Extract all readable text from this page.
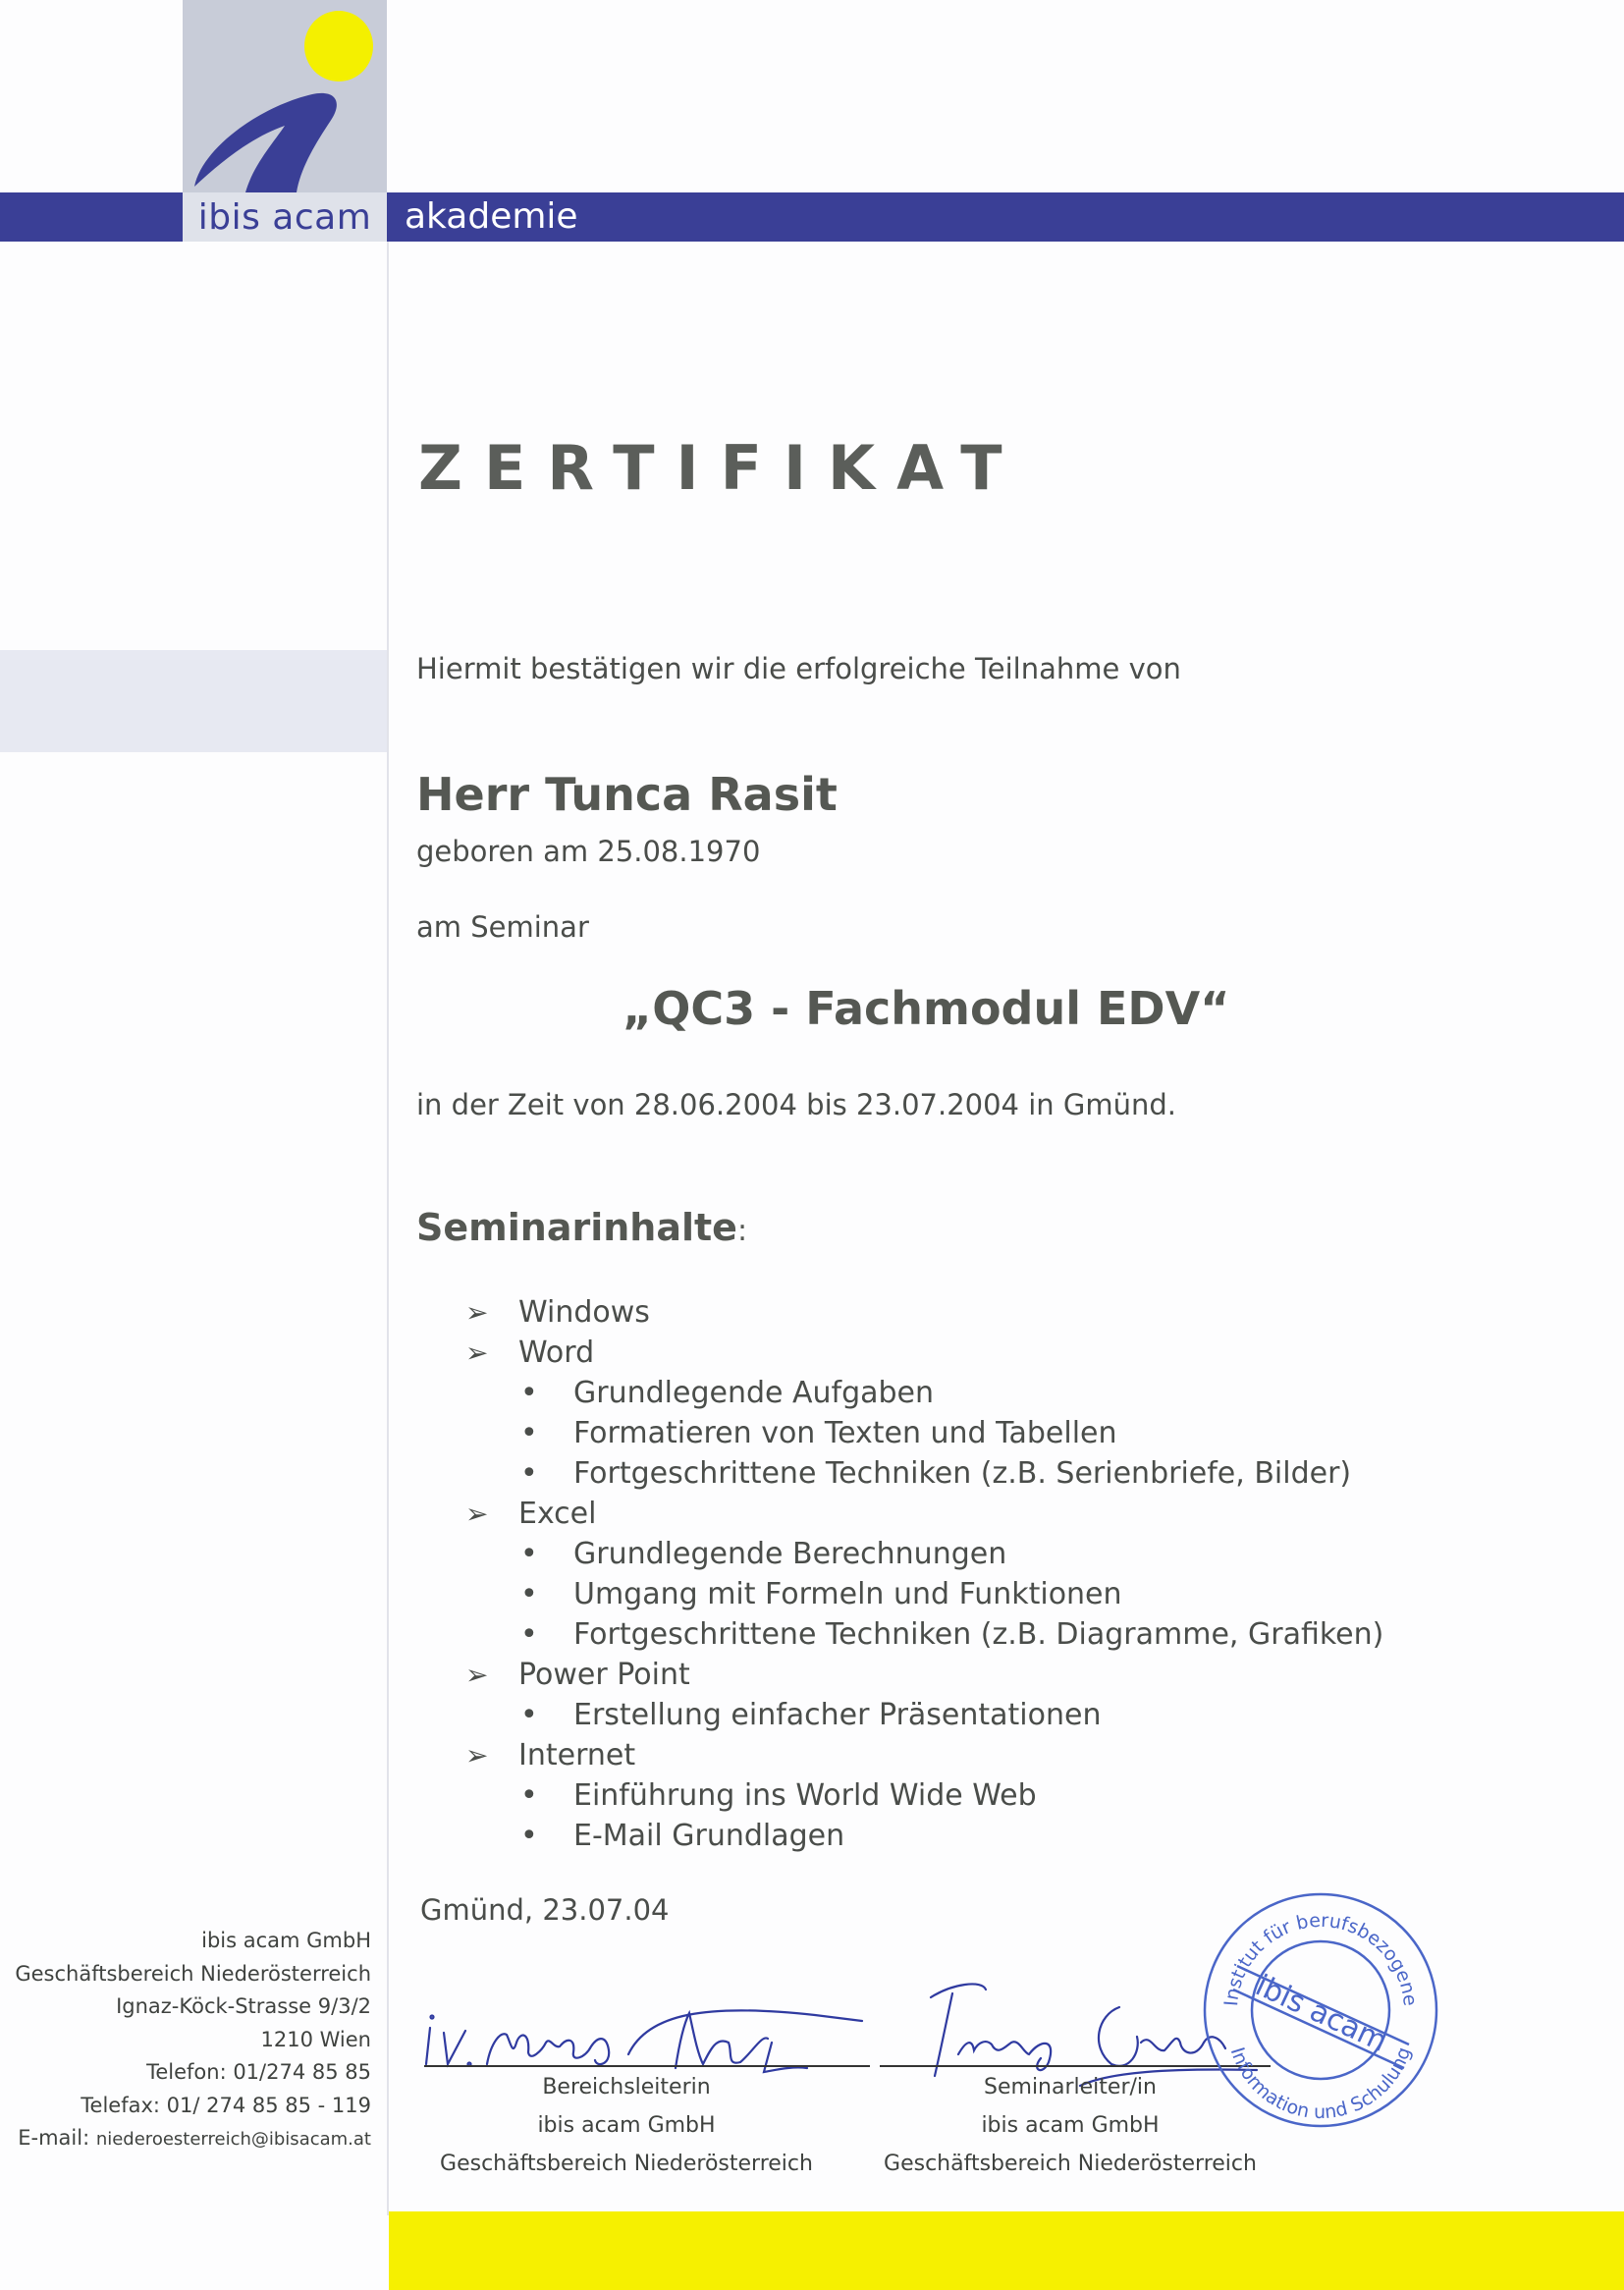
ibis acam akademie
ZERTIFIKAT
Hiermit bestätigen wir die erfolgreiche Teilnahme von
Herr Tunca Rasit
geboren am 25.08.1970
am Seminar
„QC3 - Fachmodul EDV“
in der Zeit von 28.06.2004 bis 23.07.2004 in Gmünd.
Seminarinhalte:
➢ Windows
➢ Word
• Grundlegende Aufgaben
• Formatieren von Texten und Tabellen
• Fortgeschrittene Techniken (z.B. Serienbriefe, Bilder)
➢ Excel
• Grundlegende Berechnungen
• Umgang mit Formeln und Funktionen
• Fortgeschrittene Techniken (z.B. Diagramme, Grafiken)
➢ Power Point
• Erstellung einfacher Präsentationen
➢ Internet
• Einführung ins World Wide Web
• E-Mail Grundlagen
Gmünd, 23.07.04
Bereichsleiterin
ibis acam GmbH
Geschäftsbereich Niederösterreich
Seminarleiter/in
ibis acam GmbH
Geschäftsbereich Niederösterreich
Institut für berufsbezogene
Information und Schulung
ibis acam
ibis acam GmbH
Geschäftsbereich Niederösterreich
Ignaz-Köck-Strasse 9/3/2
1210 Wien
Telefon: 01/274 85 85
Telefax: 01/ 274 85 85 - 119
E-mail: niederoesterreich@ibisacam.at
